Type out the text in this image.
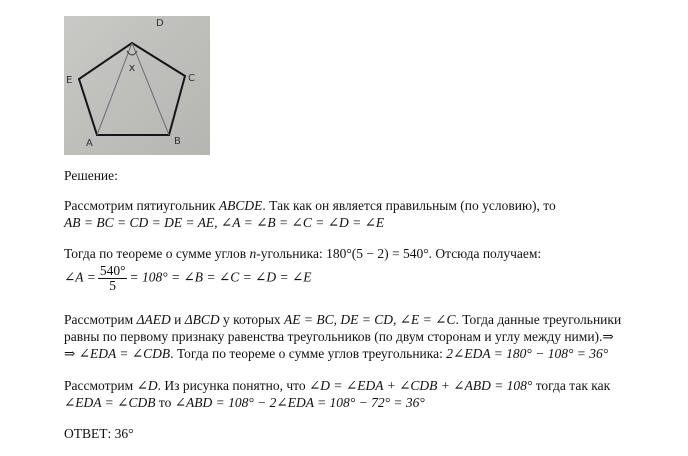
x
D
C
B
A
E
Решение:
Рассмотрим пятиугольник ABCDE. Так как он является правильным (по условию), то
AB = BC = CD = DE = AE, ∠A = ∠B = ∠C = ∠D = ∠E
Тогда по теореме о сумме углов n-угольника: 180°(5 − 2) = 540°. Отсюда получаем:
∠A = $\frac{540^\circ}{5} = 108^\circ$ = ∠B = ∠C = ∠D = ∠E
Рассмотрим ΔAED и ΔBCD у которых AE = BC, DE = CD, ∠E = ∠C. Тогда данные треугольники
равны по первому признаку равенства треугольников (по двум сторонам и углу между ними).⇒
⇒ ∠EDA = ∠CDB. Тогда по теореме о сумме углов треугольника: 2∠EDA = 180° − 108° = 36°
Рассмотрим ∠D. Из рисунка понятно, что ∠D = ∠EDA + ∠CDB + ∠ABD = 108° тогда так как
∠EDA = ∠CDB то ∠ABD = 108° − 2∠EDA = 108° − 72° = 36°
ОТВЕТ: 36°
